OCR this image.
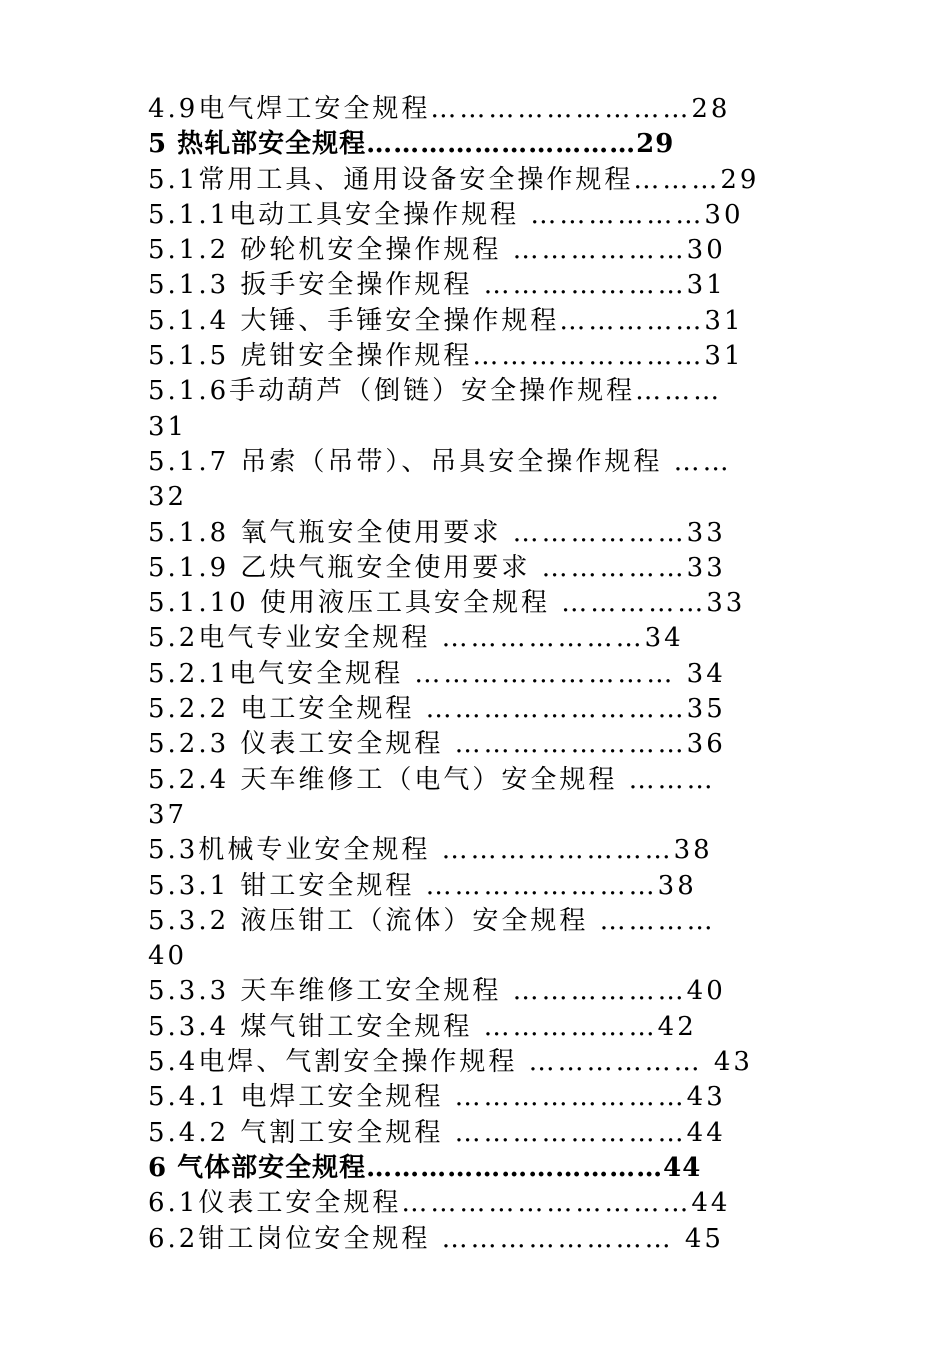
4.9电气焊工安全规程………………………28
5 热轧部安全规程…………………………29
5.1常用工具、通用设备安全操作规程………29
5.1.1电动工具安全操作规程 ………………30
5.1.2 砂轮机安全操作规程 ………………30
5.1.3 扳手安全操作规程 …………………31
5.1.4 大锤、手锤安全操作规程……………31
5.1.5 虎钳安全操作规程……………………31
5.1.6手动葫芦（倒链）安全操作规程………
31
5.1.7 吊索（吊带）、吊具安全操作规程 ……
32
5.1.8 氧气瓶安全使用要求 ………………33
5.1.9 乙炔气瓶安全使用要求 ……………33
5.1.10 使用液压工具安全规程 ……………33
5.2电气专业安全规程 …………………34
5.2.1电气安全规程 ……………………… 34
5.2.2 电工安全规程 ………………………35
5.2.3 仪表工安全规程 ……………………36
5.2.4 天车维修工（电气）安全规程 ………
37
5.3机械专业安全规程 ……………………38
5.3.1 钳工安全规程 ……………………38
5.3.2 液压钳工（流体）安全规程 …………
40
5.3.3 天车维修工安全规程 ………………40
5.3.4 煤气钳工安全规程 ………………42
5.4电焊、气割安全操作规程 ……………… 43
5.4.1 电焊工安全规程 ……………………43
5.4.2 气割工安全规程 ……………………44
6 气体部安全规程……………………………44
6.1仪表工安全规程…………………………44
6.2钳工岗位安全规程 …………………… 45
